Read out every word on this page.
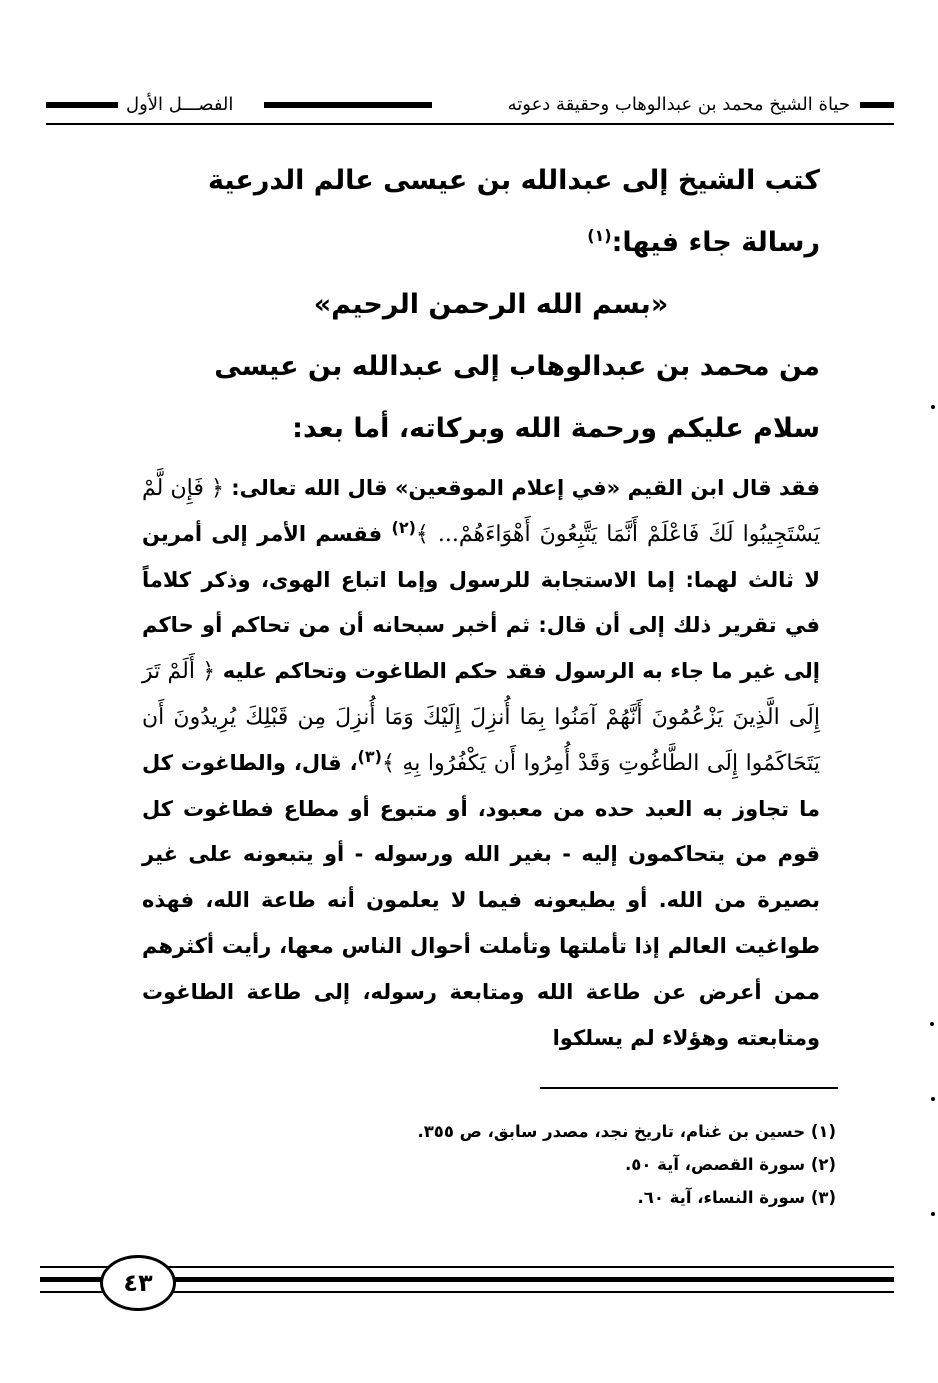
حياة الشيخ محمد بن عبدالوهاب وحقيقة دعوته
الفصـــل الأول
كتب الشيخ إلى عبدالله بن عيسى عالم الدرعية رسالة جاء فيها:$^{(١)}$
«بسم الله الرحمن الرحيم»
من محمد بن عبدالوهاب إلى عبدالله بن عيسى
سلام عليكم ورحمة الله وبركاته، أما بعد:
فقد قال ابن القيم «في إعلام الموقعين» قال الله تعالى: ﴿ فَإِن لَّمْ يَسْتَجِيبُوا لَكَ فَاعْلَمْ أَنَّمَا يَتَّبِعُونَ أَهْوَاءَهُمْ... ﴾$^{(٢)}$ فقسم الأمر إلى أمرين لا ثالث لهما: إما الاستجابة للرسول وإما اتباع الهوى، وذكر كلاماً في تقرير ذلك إلى أن قال: ثم أخبر سبحانه أن من تحاكم أو حاكم إلى غير ما جاء به الرسول فقد حكم الطاغوت وتحاكم عليه ﴿ أَلَمْ تَرَ إِلَى الَّذِينَ يَزْعُمُونَ أَنَّهُمْ آمَنُوا بِمَا أُنزِلَ إِلَيْكَ وَمَا أُنزِلَ مِن قَبْلِكَ يُرِيدُونَ أَن يَتَحَاكَمُوا إِلَى الطَّاغُوتِ وَقَدْ أُمِرُوا أَن يَكْفُرُوا بِهِ ﴾$^{(٣)}$، قال، والطاغوت كل ما تجاوز به العبد حده من معبود، أو متبوع أو مطاع فطاغوت كل قوم من يتحاكمون إليه - بغير الله ورسوله - أو يتبعونه على غير بصيرة من الله. أو يطيعونه فيما لا يعلمون أنه طاعة الله، فهذه طواغيت العالم إذا تأملتها وتأملت أحوال الناس معها، رأيت أكثرهم ممن أعرض عن طاعة الله ومتابعة رسوله، إلى طاعة الطاغوت ومتابعته وهؤلاء لم يسلكوا
(١) حسين بن غنام، تاريخ نجد، مصدر سابق، ص ٣٥٥.
(٢) سورة القصص، آية ٥٠.
(٣) سورة النساء، آية ٦٠.
٤٣
